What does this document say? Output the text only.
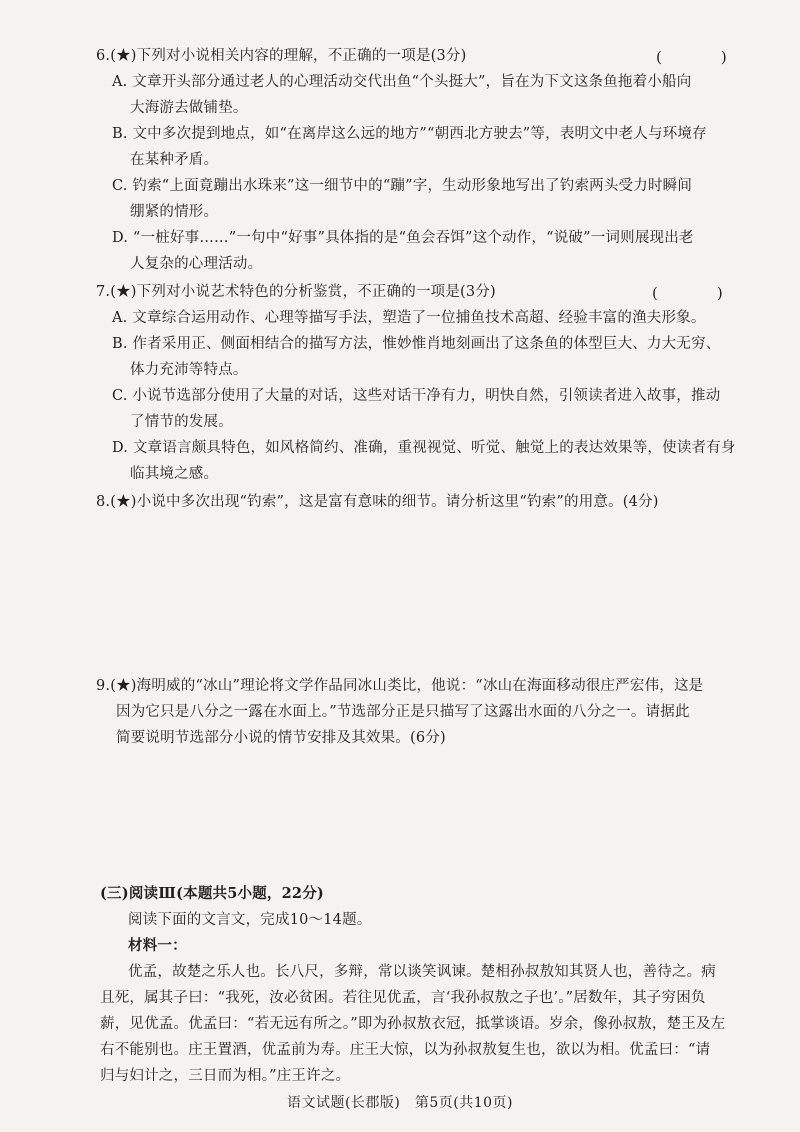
6.(★)下列对小说相关内容的理解，不正确的一项是(3分)	(　)
A. 文章开头部分通过老人的心理活动交代出鱼“个头挺大”，旨在为下文这条鱼拖着小船向
大海游去做铺垫。
B. 文中多次提到地点，如“在离岸这么远的地方”“朝西北方驶去”等，表明文中老人与环境存
在某种矛盾。
C. 钓索“上面竟蹦出水珠来”这一细节中的“蹦”字，生动形象地写出了钓索两头受力时瞬间
绷紧的情形。
D. “一桩好事……”一句中“好事”具体指的是“鱼会吞饵”这个动作，“说破”一词则展现出老
人复杂的心理活动。
7.(★)下列对小说艺术特色的分析鉴赏，不正确的一项是(3分)	(　)
A. 文章综合运用动作、心理等描写手法，塑造了一位捕鱼技术高超、经验丰富的渔夫形象。
B. 作者采用正、侧面相结合的描写方法，惟妙惟肖地刻画出了这条鱼的体型巨大、力大无穷、
体力充沛等特点。
C. 小说节选部分使用了大量的对话，这些对话干净有力，明快自然，引领读者进入故事，推动
了情节的发展。
D. 文章语言颇具特色，如风格简约、准确，重视视觉、听觉、触觉上的表达效果等，使读者有身
临其境之感。
8.(★)小说中多次出现“钓索”，这是富有意味的细节。请分析这里“钓索”的用意。(4分)
9.(★)海明威的“冰山”理论将文学作品同冰山类比，他说：“冰山在海面移动很庄严宏伟，这是
因为它只是八分之一露在水面上。”节选部分正是只描写了这露出水面的八分之一。请据此
简要说明节选部分小说的情节安排及其效果。(6分)
(三)阅读Ⅲ(本题共5小题，22分)
阅读下面的文言文，完成10～14题。
材料一：
优孟，故楚之乐人也。长八尺，多辩，常以谈笑讽谏。楚相孙叔敖知其贤人也，善待之。病
且死，属其子曰：“我死，汝必贫困。若往见优孟，言‘我孙叔敖之子也’。”居数年，其子穷困负
薪，见优孟。优孟曰：“若无远有所之。”即为孙叔敖衣冠，抵掌谈语。岁余，像孙叔敖，楚王及左
右不能别也。庄王置酒，优孟前为寿。庄王大惊，以为孙叔敖复生也，欲以为相。优孟曰：“请
归与妇计之，三日而为相。”庄王许之。
语文试题(长郡版)　第5页(共10页)
